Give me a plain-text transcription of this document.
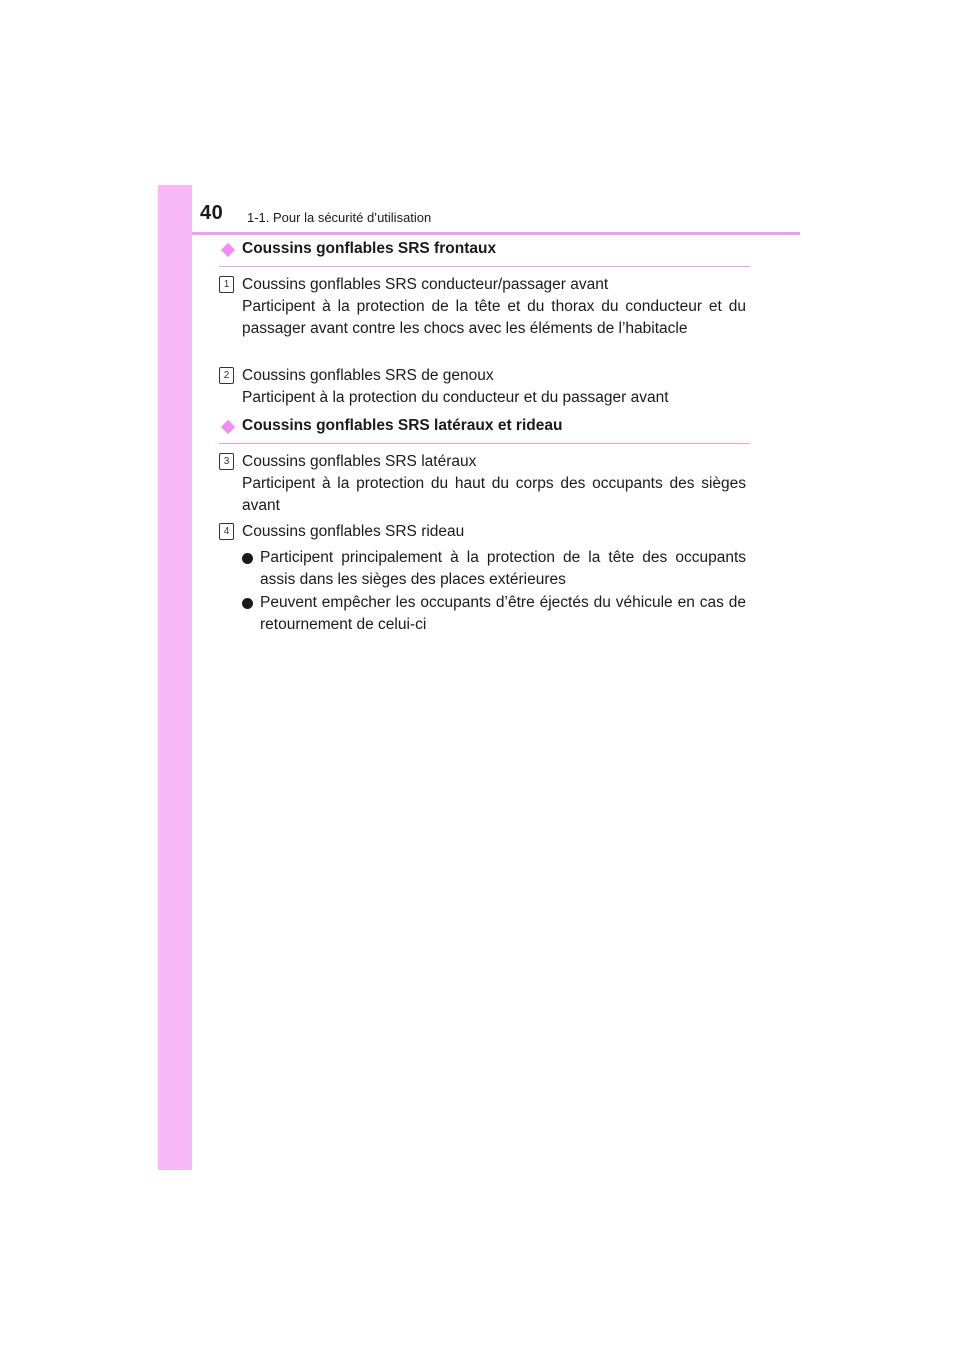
40 1-1. Pour la sécurité d’utilisation
Coussins gonflables SRS frontaux
1 Coussins gonflables SRS conducteur/passager avant
Participent à la protection de la tête et du thorax du conducteur et du passager avant contre les chocs avec les éléments de l’habitacle
2 Coussins gonflables SRS de genoux
Participent à la protection du conducteur et du passager avant
Coussins gonflables SRS latéraux et rideau
3 Coussins gonflables SRS latéraux
Participent à la protection du haut du corps des occupants des sièges avant
4 Coussins gonflables SRS rideau
Participent principalement à la protection de la tête des occupants assis dans les sièges des places extérieures
Peuvent empêcher les occupants d’être éjectés du véhicule en cas de retournement de celui-ci
